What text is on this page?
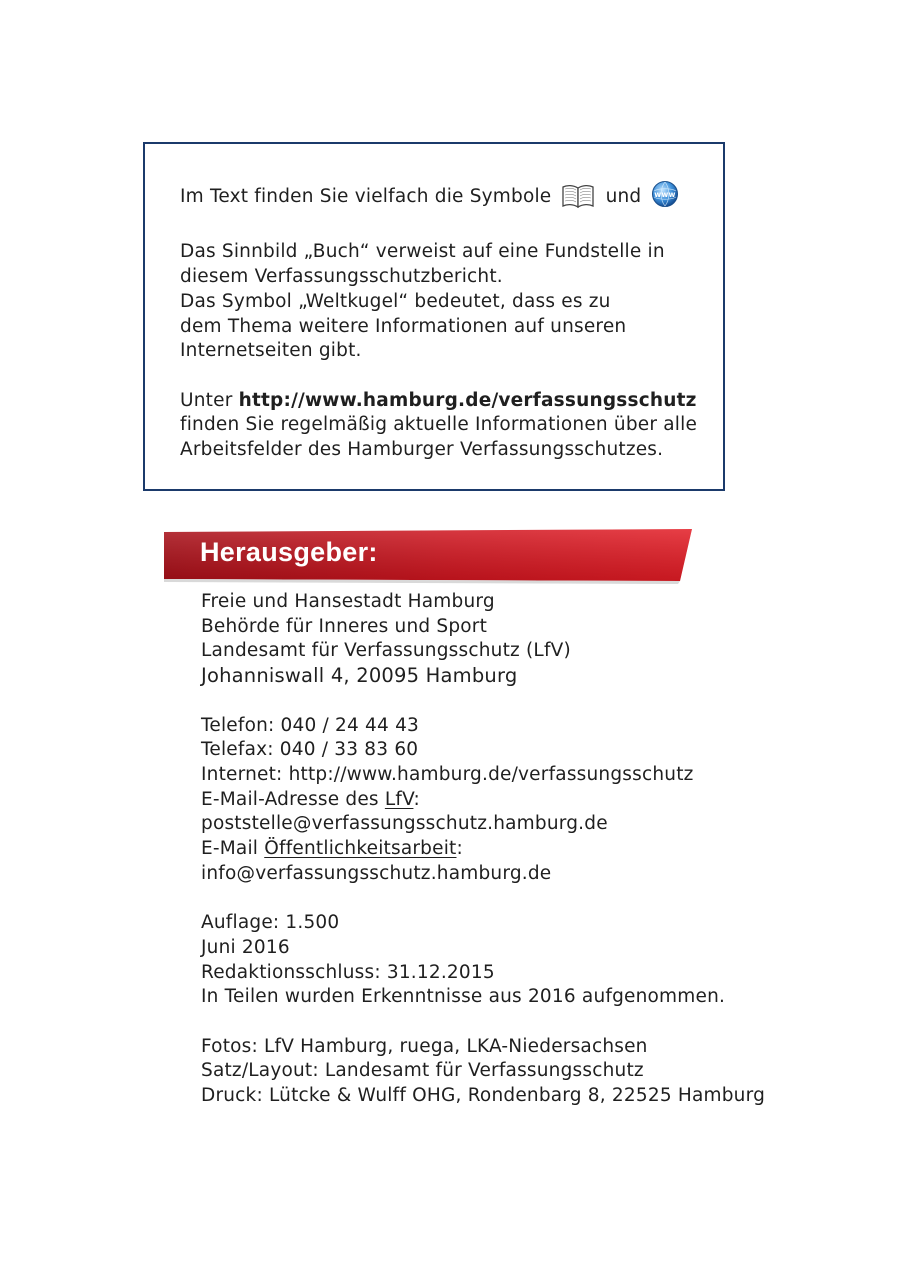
Im Text finden Sie vielfach die Symbole	und www

Das Sinnbild „Buch“ verweist auf eine Fundstelle in

diesem Verfassungsschutzbericht.

Das Symbol „Weltkugel“ bedeutet, dass es zu

dem Thema weitere Informationen auf unseren

Internetseiten gibt.

Unter http://www.hamburg.de/verfassungsschutz

finden Sie regelmäßig aktuelle Informationen über alle

Arbeitsfelder des Hamburger Verfassungsschutzes.

Herausgeber:
Freie und Hansestadt Hamburg
Behörde für Inneres und Sport
Landesamt für Verfassungsschutz (LfV)
Johanniswall 4, 20095 Hamburg

Telefon: 040 / 24 44 43
Telefax: 040 / 33 83 60
Internet: http://www.hamburg.de/verfassungsschutz
E-Mail-Adresse des LfV:
poststelle@verfassungsschutz.hamburg.de
E-Mail Öffentlichkeitsarbeit:
info@verfassungsschutz.hamburg.de

Auflage: 1.500
Juni 2016
Redaktionsschluss: 31.12.2015
In Teilen wurden Erkenntnisse aus 2016 aufgenommen.

Fotos: LfV Hamburg, ruega, LKA-Niedersachsen
Satz/Layout: Landesamt für Verfassungsschutz
Druck: Lütcke & Wulff OHG, Rondenbarg 8, 22525 Hamburg
